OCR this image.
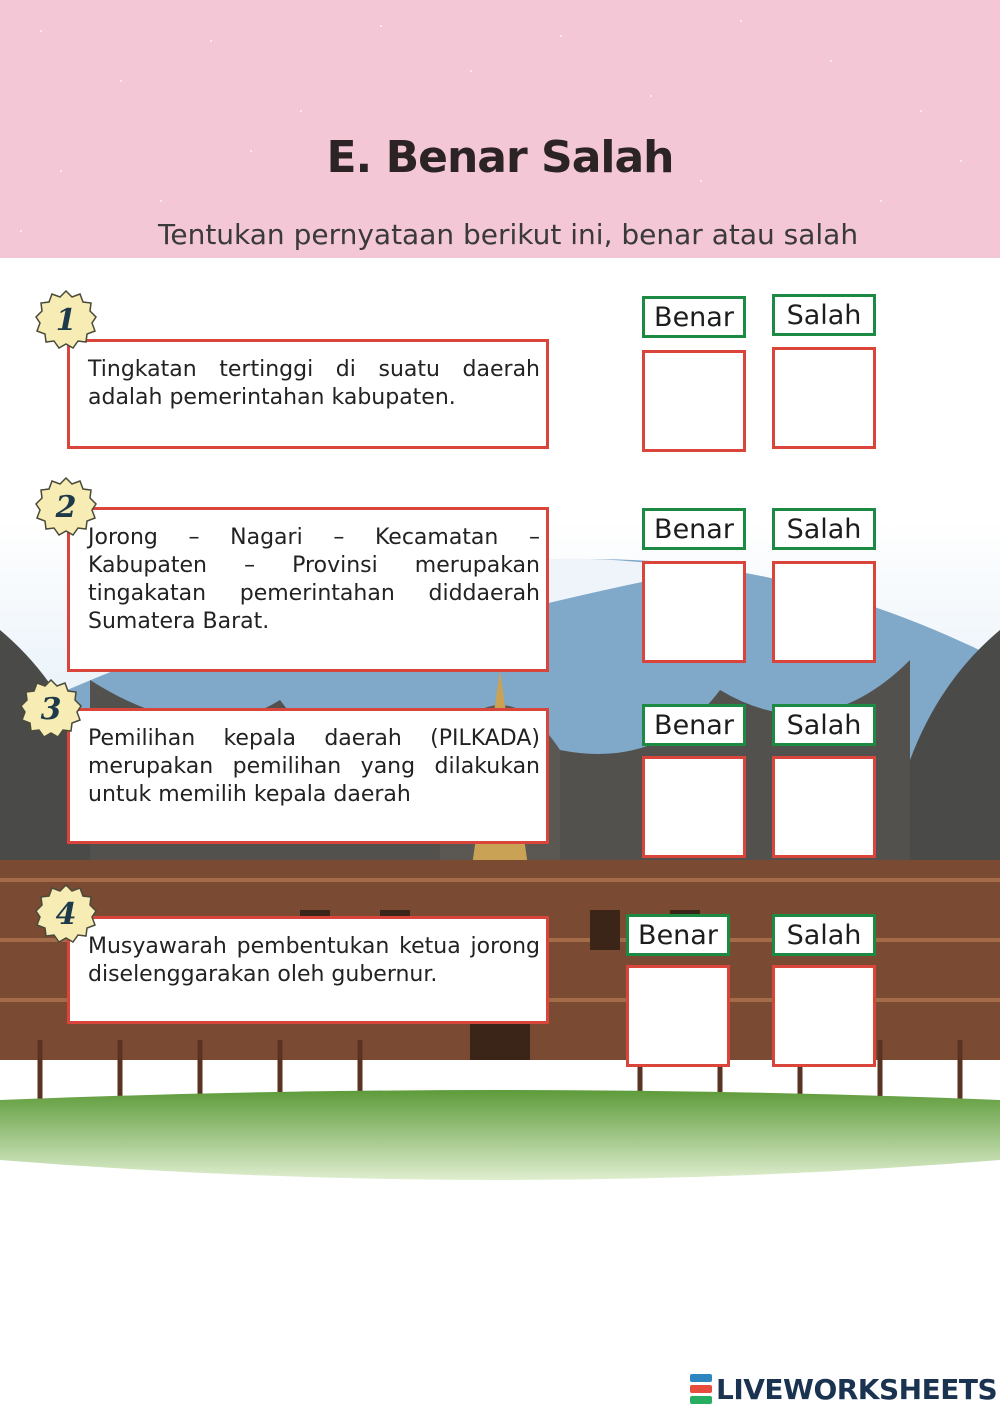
E. Benar Salah
Tentukan pernyataan berikut ini, benar atau salah
Tingkatan tertinggi di suatu daerah adalah pemerintahan kabupaten.
1	Benar	Salah
Jorong – Nagari – Kecamatan – Kabupaten – Provinsi merupakan tingakatan pemerintahan diddaerah Sumatera Barat.
2
Benar	Salah
Pemilihan kepala daerah (PILKADA) merupakan pemilihan yang dilakukan untuk memilih kepala daerah
3	Benar	Salah
Musyawarah pembentukan ketua jorong diselenggarakan oleh gubernur.
4
Benar	Salah
LIVEWORKSHEETS
